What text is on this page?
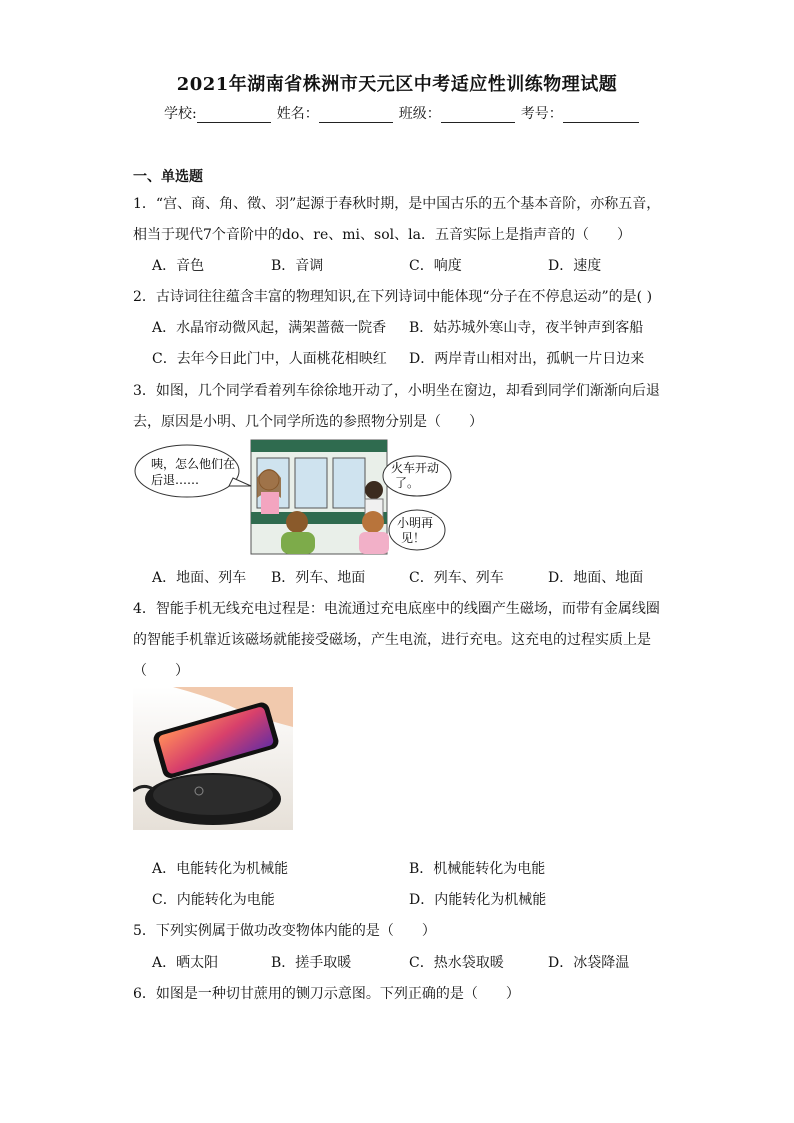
2021年湖南省株洲市天元区中考适应性训练物理试题
学校:	姓名：	班级：	考号：
一、单选题
1．“宫、商、角、徵、羽”起源于春秋时期，是中国古乐的五个基本音阶，亦称五音，
相当于现代7个音阶中的do、re、mi、sol、la．五音实际上是指声音的（　　）
A．音色	B．音调	C．响度	D．速度
2．古诗词往往蕴含丰富的物理知识,在下列诗词中能体现“分子在不停息运动”的是( )
A．水晶帘动微风起，满架蔷薇一院香 B．姑苏城外寒山寺，夜半钟声到客船
C．去年今日此门中，人面桃花相映红 D．两岸青山相对出，孤帆一片日边来
3．如图，几个同学看着列车徐徐地开动了，小明坐在窗边，却看到同学们渐渐向后退
去，原因是小明、几个同学所选的参照物分别是（　　）
咦，怎么他们在
后退……
火车开动
了。
小明再
见！
A．地面、列车 B．列车、地面	C．列车、列车	D．地面、地面
4．智能手机无线充电过程是：电流通过充电底座中的线圈产生磁场，而带有金属线圈
的智能手机靠近该磁场就能接受磁场，产生电流，进行充电。这充电的过程实质上是
（　　）
A．电能转化为机械能	B．机械能转化为电能
C．内能转化为电能	D．内能转化为机械能
5．下列实例属于做功改变物体内能的是（　　）
A．晒太阳	B．搓手取暖	C．热水袋取暖	D．冰袋降温
6．如图是一种切甘蔗用的铡刀示意图。下列正确的是（　　）
